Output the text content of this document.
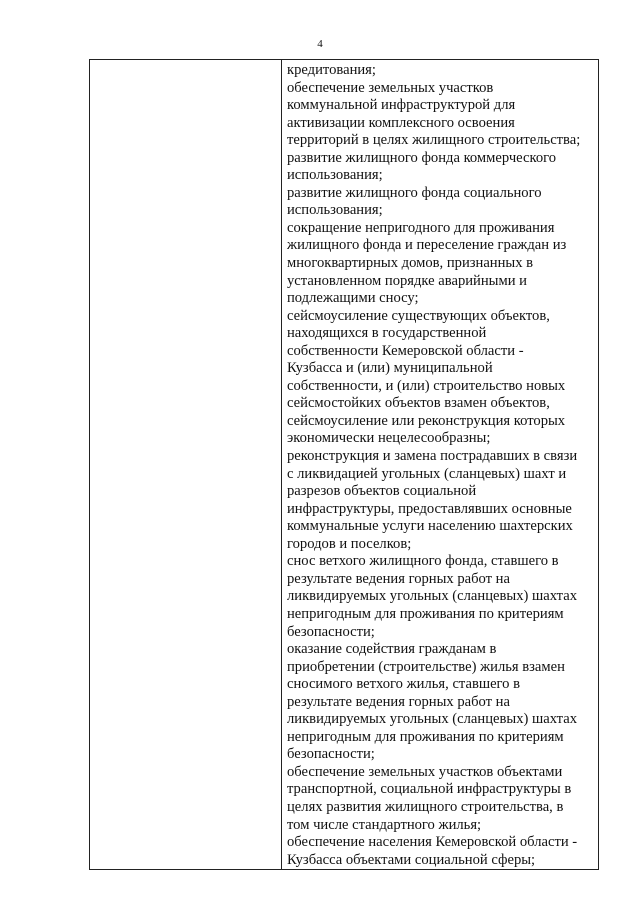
4

кредитования;
обеспечение земельных участков
коммунальной инфраструктурой для
активизации комплексного освоения
территорий в целях жилищного строительства;
развитие жилищного фонда коммерческого
использования;
развитие жилищного фонда социального
использования;
сокращение непригодного для проживания
жилищного фонда и переселение граждан из
многоквартирных домов, признанных в
установленном порядке аварийными и
подлежащими сносу;
сейсмоусиление существующих объектов,
находящихся в государственной
собственности Кемеровской области -
Кузбасса и (или) муниципальной
собственности, и (или) строительство новых
сейсмостойких объектов взамен объектов,
сейсмоусиление или реконструкция которых
экономически нецелесообразны;
реконструкция и замена пострадавших в связи
с ликвидацией угольных (сланцевых) шахт и
разрезов объектов социальной
инфраструктуры, предоставлявших основные
коммунальные услуги населению шахтерских
городов и поселков;
снос ветхого жилищного фонда, ставшего в
результате ведения горных работ на
ликвидируемых угольных (сланцевых) шахтах
непригодным для проживания по критериям
безопасности;
оказание содействия гражданам в
приобретении (строительстве) жилья взамен
сносимого ветхого жилья, ставшего в
результате ведения горных работ на
ликвидируемых угольных (сланцевых) шахтах
непригодным для проживания по критериям
безопасности;
обеспечение земельных участков объектами
транспортной, социальной инфраструктуры в
целях развития жилищного строительства, в
том числе стандартного жилья;
обеспечение населения Кемеровской области -
Кузбасса объектами социальной сферы;
